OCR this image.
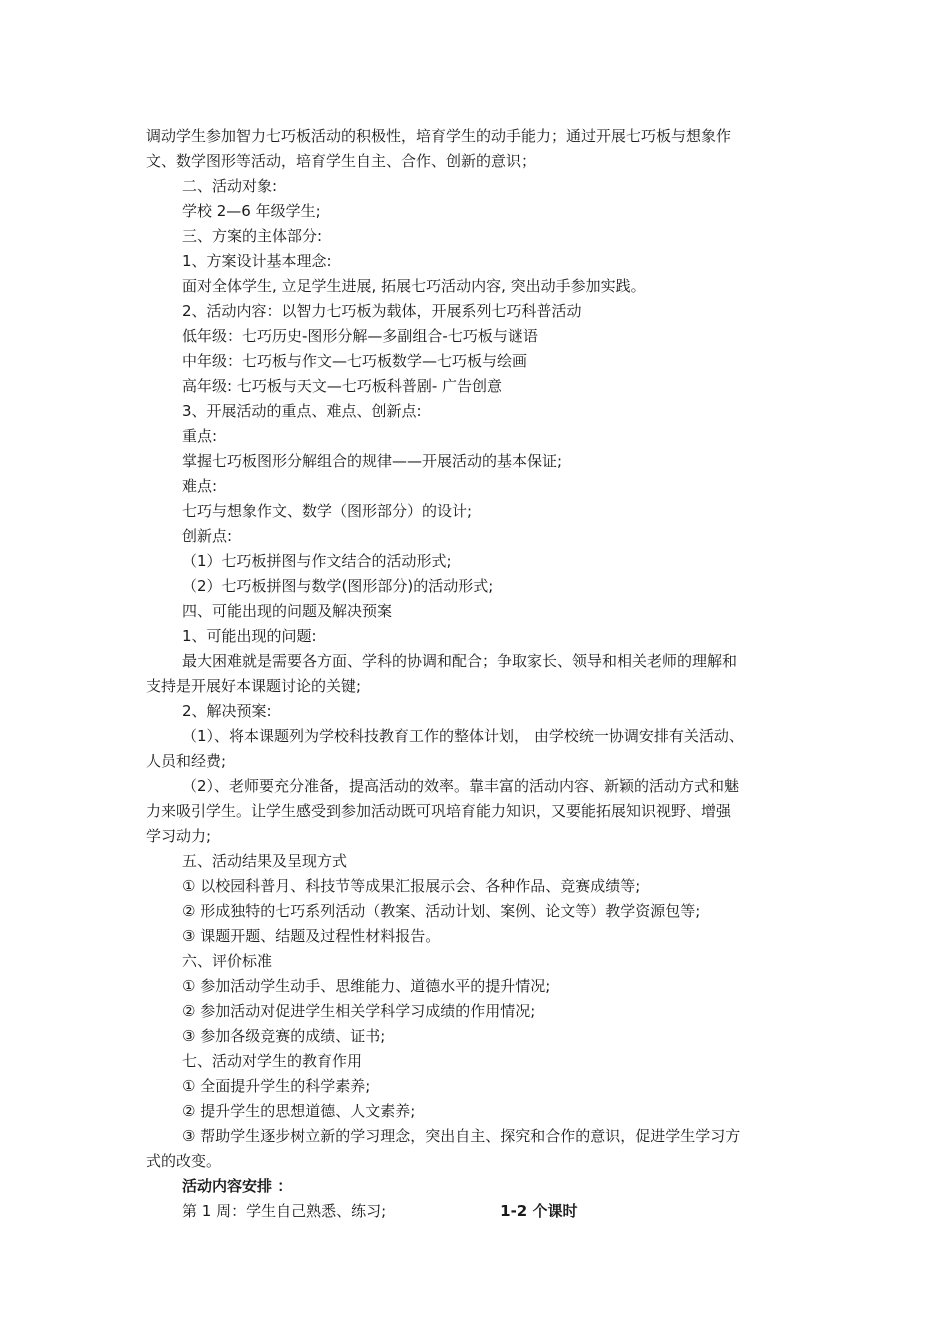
调动学生参加智力七巧板活动的积极性，培育学生的动手能力；通过开展七巧板与想象作
文、数学图形等活动，培育学生自主、合作、创新的意识；
二、活动对象:
学校 2—6 年级学生;
三、方案的主体部分:
1、方案设计基本理念:
面对全体学生, 立足学生进展, 拓展七巧活动内容, 突出动手参加实践。
2、活动内容：以智力七巧板为载体，开展系列七巧科普活动
低年级：七巧历史-图形分解—多副组合-七巧板与谜语
中年级：七巧板与作文—七巧板数学—七巧板与绘画
高年级: 七巧板与天文—七巧板科普剧- 广告创意
3、开展活动的重点、难点、创新点:
重点:
掌握七巧板图形分解组合的规律——开展活动的基本保证;
难点:
七巧与想象作文、数学（图形部分）的设计;
创新点:
（1）七巧板拼图与作文结合的活动形式;
（2）七巧板拼图与数学(图形部分)的活动形式;
四、可能出现的问题及解决预案
1、可能出现的问题:
最大困难就是需要各方面、学科的协调和配合；争取家长、领导和相关老师的理解和
支持是开展好本课题讨论的关键;
2、解决预案:
（1）、将本课题列为学校科技教育工作的整体计划， 由学校统一协调安排有关活动、
人员和经费;
（2）、老师要充分准备，提高活动的效率。靠丰富的活动内容、新颖的活动方式和魅
力来吸引学生。让学生感受到参加活动既可巩培育能力知识，又要能拓展知识视野、增强
学习动力;
五、活动结果及呈现方式
① 以校园科普月、科技节等成果汇报展示会、各种作品、竞赛成绩等;
② 形成独特的七巧系列活动（教案、活动计划、案例、论文等）教学资源包等;
③ 课题开题、结题及过程性材料报告。
六、评价标准
① 参加活动学生动手、思维能力、道德水平的提升情况;
② 参加活动对促进学生相关学科学习成绩的作用情况;
③ 参加各级竞赛的成绩、证书;
七、活动对学生的教育作用
① 全面提升学生的科学素养;
② 提升学生的思想道德、人文素养;
③ 帮助学生逐步树立新的学习理念，突出自主、探究和合作的意识，促进学生学习方
式的改变。
活动内容安排 ：
第 1 周：学生自己熟悉、练习;	1-2 个课时
